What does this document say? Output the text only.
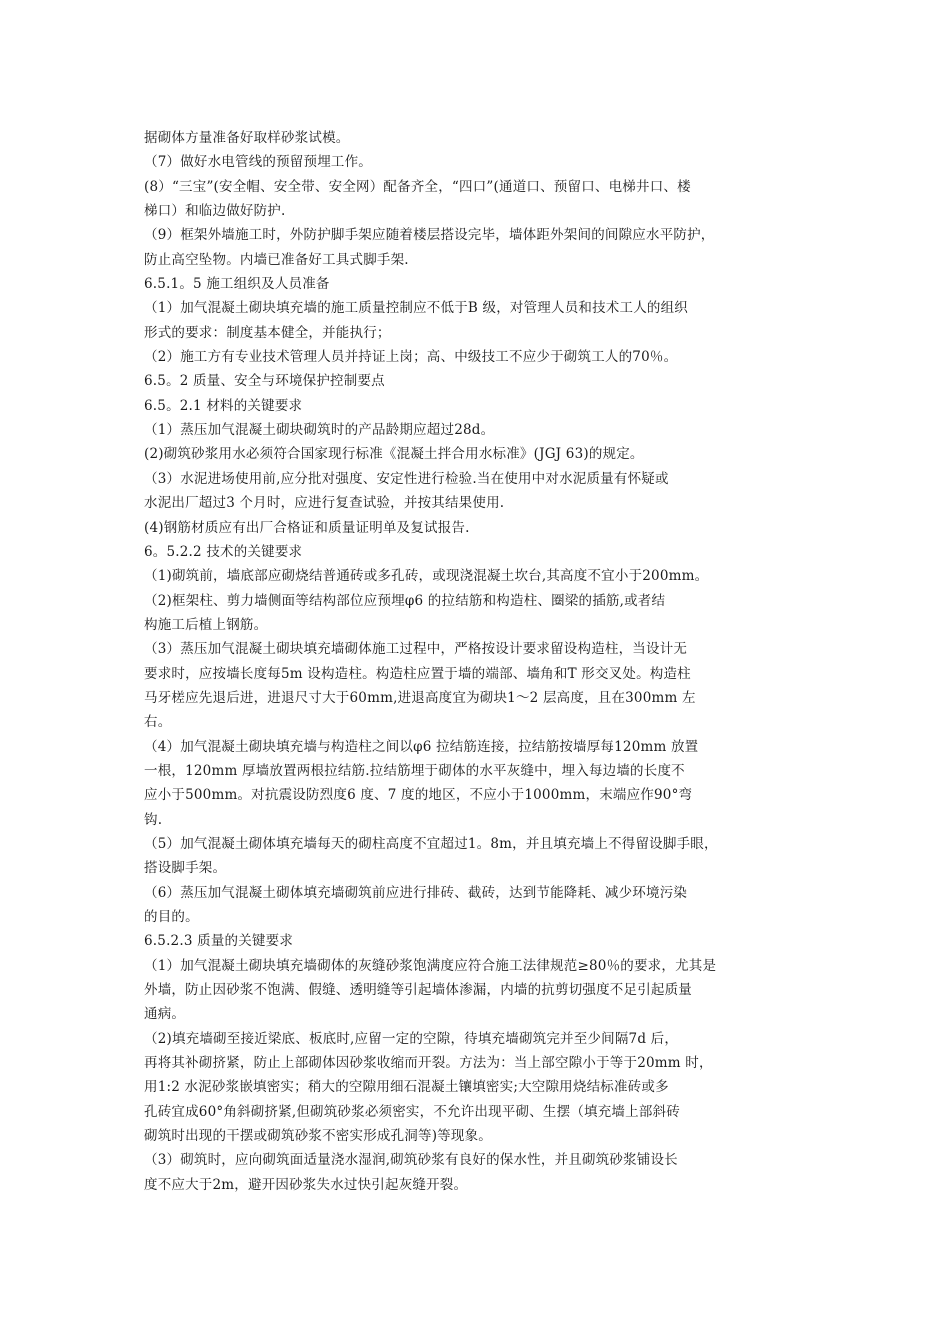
据砌体方量准备好取样砂浆试模。
（7）做好水电管线的预留预埋工作。
(8）“三宝”(安全帽、安全带、安全网）配备齐全，“四口”(通道口、预留口、电梯井口、楼
梯口）和临边做好防护.
（9）框架外墙施工时，外防护脚手架应随着楼层搭设完毕，墙体距外架间的间隙应水平防护，
防止高空坠物。内墙已准备好工具式脚手架.
6.5.1。5 施工组织及人员准备
（1）加气混凝土砌块填充墙的施工质量控制应不低于B 级，对管理人员和技术工人的组织
形式的要求：制度基本健全，并能执行；
（2）施工方有专业技术管理人员并持证上岗；高、中级技工不应少于砌筑工人的70％。
6.5。2 质量、安全与环境保护控制要点
6.5。2.1 材料的关键要求
（1）蒸压加气混凝土砌块砌筑时的产品龄期应超过28d。
(2)砌筑砂浆用水必须符合国家现行标准《混凝土拌合用水标准》(JGJ 63)的规定。
（3）水泥进场使用前,应分批对强度、安定性进行检验.当在使用中对水泥质量有怀疑或
水泥出厂超过3 个月时，应进行复查试验，并按其结果使用.
(4)钢筋材质应有出厂合格证和质量证明单及复试报告.
6。5.2.2 技术的关键要求
（1)砌筑前，墙底部应砌烧结普通砖或多孔砖，或现浇混凝土坎台,其高度不宜小于200mm。
（2)框架柱、剪力墙侧面等结构部位应预埋φ6 的拉结筋和构造柱、圈梁的插筋,或者结
构施工后植上钢筋。
（3）蒸压加气混凝土砌块填充墙砌体施工过程中，严格按设计要求留设构造柱，当设计无
要求时，应按墙长度每5m 设构造柱。构造柱应置于墙的端部、墙角和T 形交叉处。构造柱
马牙槎应先退后进，进退尺寸大于60mm,进退高度宜为砌块1～2 层高度，且在300mm 左
右。
（4）加气混凝土砌块填充墙与构造柱之间以φ6 拉结筋连接，拉结筋按墙厚每120mm 放置
一根，120mm 厚墙放置两根拉结筋.拉结筋埋于砌体的水平灰缝中，埋入每边墙的长度不
应小于500mm。对抗震设防烈度6 度、7 度的地区，不应小于1000mm，末端应作90°弯
钩.
（5）加气混凝土砌体填充墙每天的砌柱高度不宜超过1。8m，并且填充墙上不得留设脚手眼，
搭设脚手架。
（6）蒸压加气混凝土砌体填充墙砌筑前应进行排砖、截砖，达到节能降耗、减少环境污染
的目的。
6.5.2.3 质量的关键要求
（1）加气混凝土砌块填充墙砌体的灰缝砂浆饱满度应符合施工法律规范≥80％的要求，尤其是
外墙，防止因砂浆不饱满、假缝、透明缝等引起墙体渗漏，内墙的抗剪切强度不足引起质量
通病。
（2)填充墙砌至接近梁底、板底时,应留一定的空隙，待填充墙砌筑完并至少间隔7d 后，
再将其补砌挤紧，防止上部砌体因砂浆收缩而开裂。方法为：当上部空隙小于等于20mm 时，
用1:2 水泥砂浆嵌填密实；稍大的空隙用细石混凝土镶填密实;大空隙用烧结标准砖或多
孔砖宜成60°角斜砌挤紧,但砌筑砂浆必须密实，不允许出现平砌、生摆（填充墙上部斜砖
砌筑时出现的干摆或砌筑砂浆不密实形成孔洞等)等现象。
（3）砌筑时，应向砌筑面适量浇水湿润,砌筑砂浆有良好的保水性，并且砌筑砂浆铺设长
度不应大于2m，避开因砂浆失水过快引起灰缝开裂。
